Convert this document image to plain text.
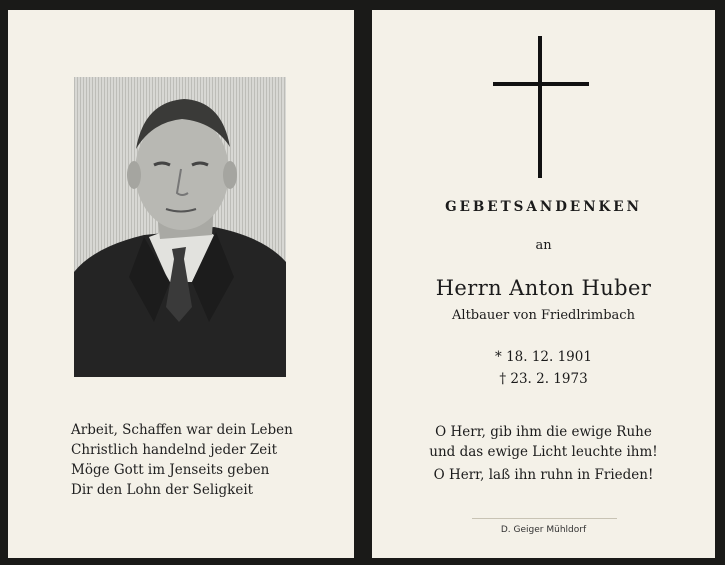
Arbeit, Schaffen war dein Leben
Christlich handelnd jeder Zeit
Möge Gott im Jenseits geben
Dir den Lohn der Seligkeit
GEBETSANDENKEN
an
Herrn Anton Huber
Altbauer von Friedlrimbach
* 18. 12. 1901
† 23. 2. 1973
O Herr, gib ihm die ewige Ruhe
und das ewige Licht leuchte ihm!
O Herr, laß ihn ruhn in Frieden!
D. Geiger Mühldorf
